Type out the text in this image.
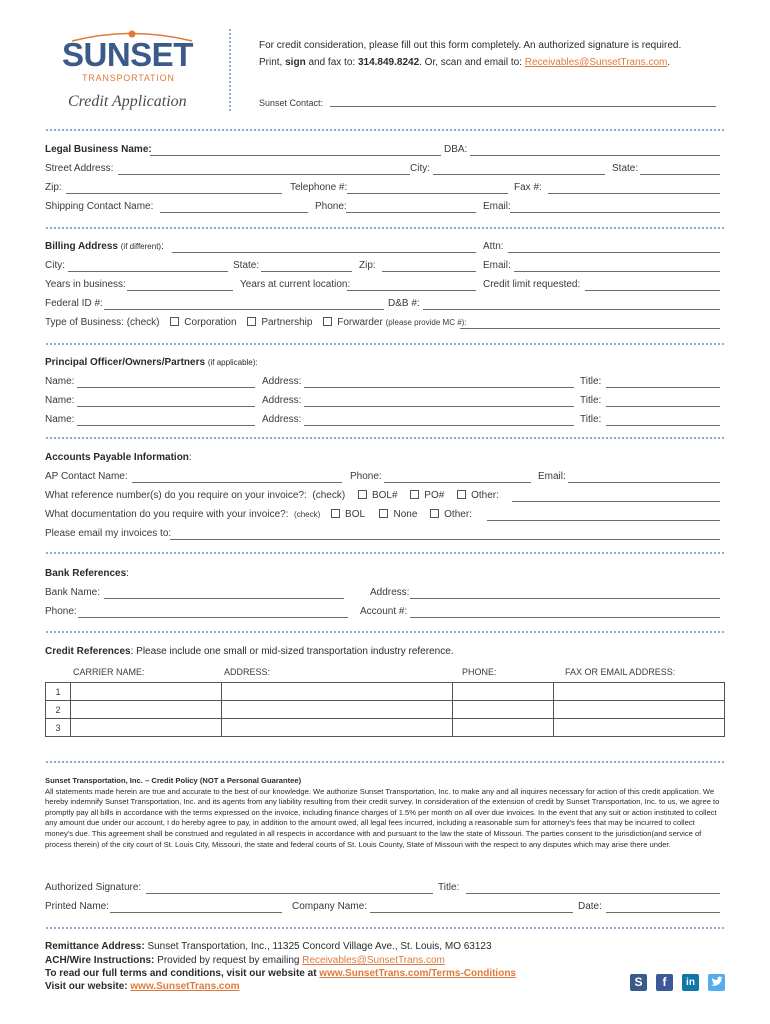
SUNSET
TRANSPORTATION
Credit Application
For credit consideration, please fill out this form completely. An authorized signature is required.
Print, sign and fax to: 314.849.8242. Or, scan and email to: Receivables@SunsetTrans.com.
Sunset Contact:
Legal Business Name:	DBA:
Street Address:	City:	State:
Zip:	Telephone #:	Fax #:
Shipping Contact Name:	Phone:	Email:
Billing Address (if different):	Attn:
City:	State:	Zip:	Email:
Years in business:	Years at current location:	Credit limit requested:
Federal ID #:	D&B #:
Type of Business: (check) Corporation Partnership Forwarder (please provide MC #):
Principal Officer/Owners/Partners (if applicable):
Name:	Address:	Title:
Name:	Address:	Title:
Name:	Address:	Title:
Accounts Payable Information:
AP Contact Name:	Phone:	Email:
What reference number(s) do you require on your invoice?: (check)	BOL#	PO#	Other:
What documentation do you require with your invoice?: (check) BOL	None	Other:
Please email my invoices to:
Bank References:
Bank Name:	Address:
Phone:	Account #:
Credit References: Please include one small or mid-sized transportation industry reference.
CARRIER NAME:	ADDRESS:	PHONE:	FAX OR EMAIL ADDRESS:
1				
2				
3				
Sunset Transportation, Inc. – Credit Policy (NOT a Personal Guarantee)
All statements made herein are true and accurate to the best of our knowledge. We authorize Sunset Transportation, Inc. to make any and all inquires necessary for action of this credit application. We hereby indemnify Sunset Transportation, Inc. and its agents from any liability resulting from their credit survey. In consideration of the extension of credit by Sunset Transportation, Inc. to us, we agree to promptly pay all bills in accordance with the terms expressed on the invoice, including finance charges of 1.5% per month on all over due invoices. In the event that any suit or action instituted to collect any amount due under our account, I do hereby agree to pay, in addition to the amount owed, all legal fees incurred, including a reasonable sum for attorney's fees that may be incurred to collect money's due. This agreement shall be construed and regulated in all respects in accordance with and pursuant to the law the state of Missouri. The parties consent to the jurisdiction(and service of process therein) of the city court of St. Louis City, Missouri, the state and federal courts of St. Louis County, State of Missouri with the respect to any disputes which may arise there under.
Authorized Signature:	Title:
Printed Name:	Company Name:	Date:
Remittance Address: Sunset Transportation, Inc., 11325 Concord Village Ave., St. Louis, MO 63123
ACH/Wire Instructions: Provided by request by emailing Receivables@SunsetTrans.com
To read our full terms and conditions, visit our website at www.SunsetTrans.com/Terms-Conditions
Visit our website: www.SunsetTrans.com	S	f	in
